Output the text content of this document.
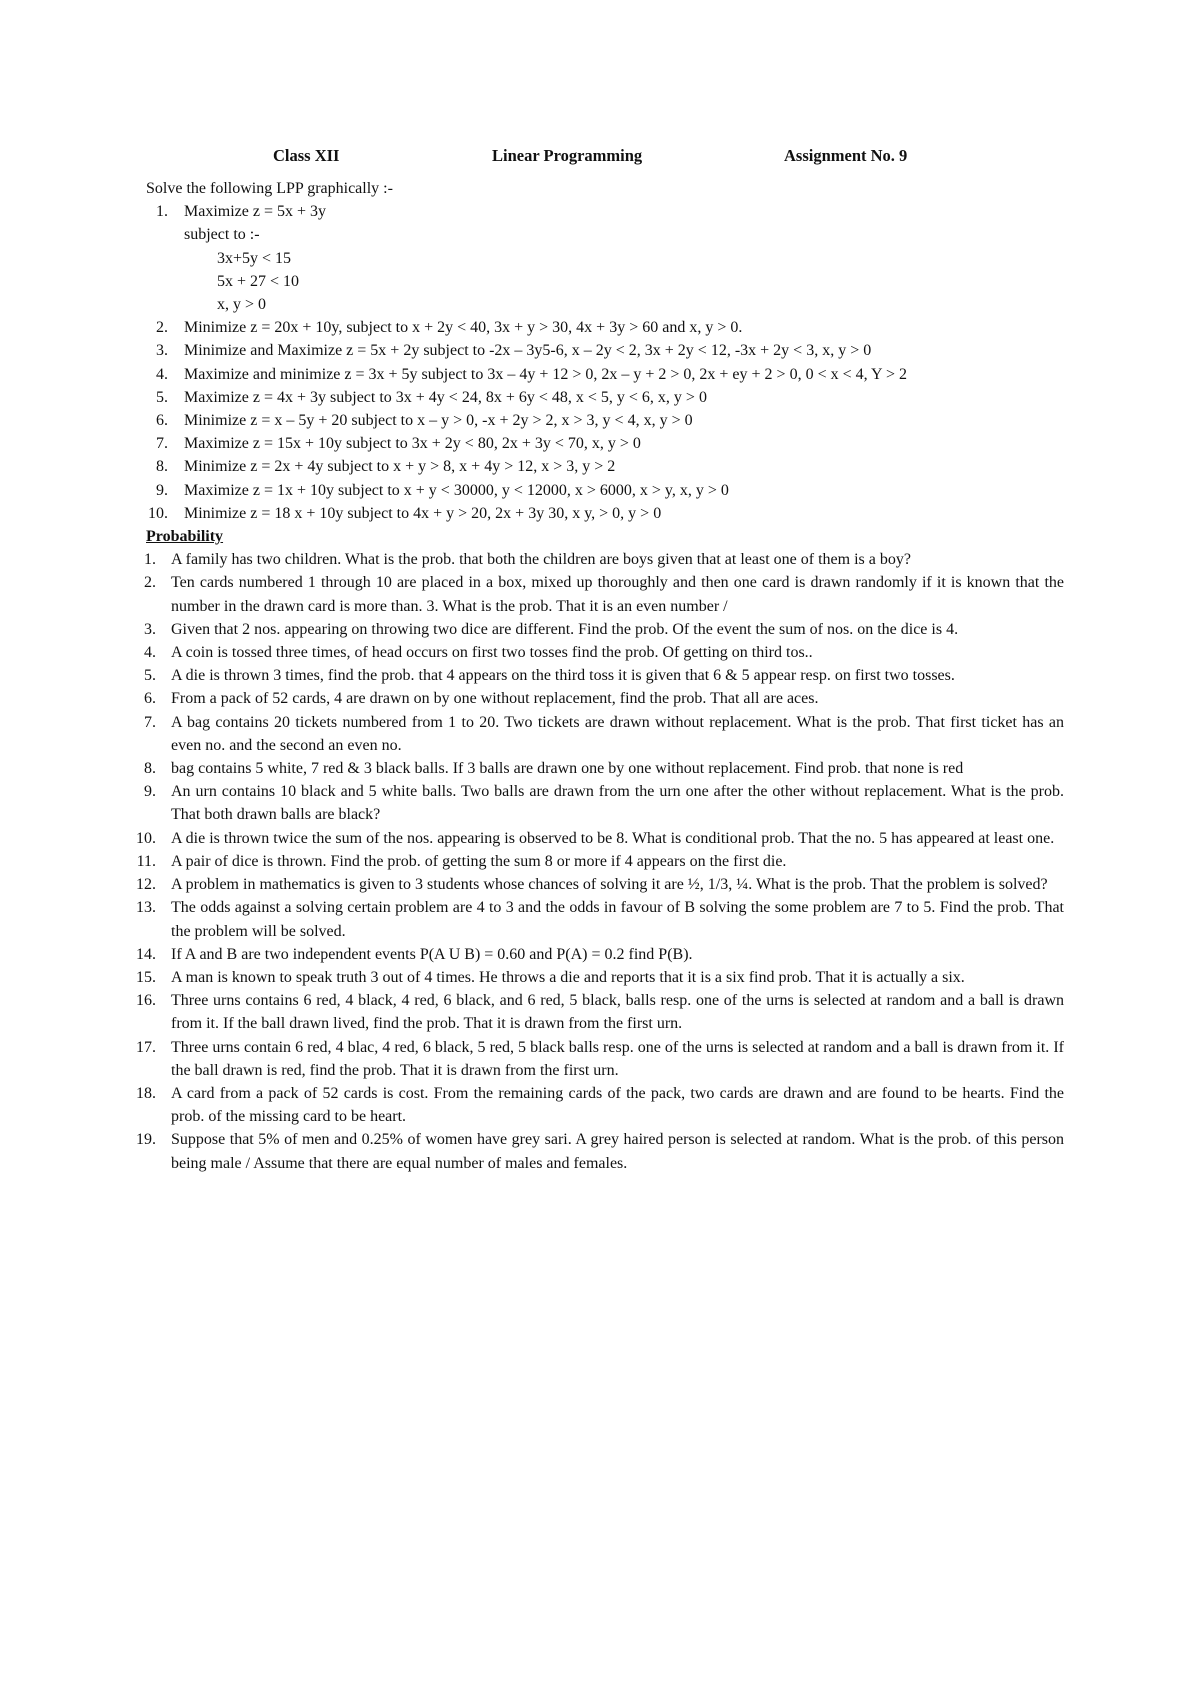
Class XII	Linear Programming	Assignment No. 9
Solve the following LPP graphically :-
1. Maximize z = 5x + 3y
subject to :-
3x+5y < 15
5x + 27 < 10
x, y > 0
2. Minimize z = 20x + 10y, subject to x + 2y < 40, 3x + y > 30, 4x + 3y > 60 and x, y > 0.
3. Minimize and Maximize z = 5x + 2y subject to -2x – 3y5-6, x – 2y < 2, 3x + 2y < 12, -3x + 2y < 3, x, y > 0
4. Maximize and minimize z = 3x + 5y subject to 3x – 4y + 12 > 0, 2x – y + 2 > 0, 2x + ey + 2 > 0, 0 < x < 4, Y > 2
5. Maximize z = 4x + 3y subject to 3x + 4y < 24, 8x + 6y < 48, x < 5, y < 6, x, y > 0
6. Minimize z = x – 5y + 20 subject to x – y > 0, -x + 2y > 2, x > 3, y < 4, x, y > 0
7. Maximize z = 15x + 10y subject to 3x + 2y < 80, 2x + 3y < 70, x, y > 0
8. Minimize z = 2x + 4y subject to x + y > 8, x + 4y > 12, x > 3, y > 2
9. Maximize z = 1x + 10y subject to x + y < 30000, y < 12000, x > 6000, x > y, x, y > 0
10. Minimize z = 18 x + 10y subject to 4x + y > 20, 2x + 3y 30, x y, > 0, y > 0
Probability
1. A family has two children. What is the prob. that both the children are boys given that at least one of them is a boy?
2. Ten cards numbered 1 through 10 are placed in a box, mixed up thoroughly and then one card is drawn randomly if it is known that the number in the drawn card is more than. 3. What is the prob. That it is an even number /
3. Given that 2 nos. appearing on throwing two dice are different. Find the prob. Of the event the sum of nos. on the dice is 4.
4. A coin is tossed three times, of head occurs on first two tosses find the prob. Of getting on third tos..
5. A die is thrown 3 times, find the prob. that 4 appears on the third toss it is given that 6 & 5 appear resp. on first two tosses.
6. From a pack of 52 cards, 4 are drawn on by one without replacement, find the prob. That all are aces.
7. A bag contains 20 tickets numbered from 1 to 20. Two tickets are drawn without replacement. What is the prob. That first ticket has an even no. and the second an even no.
8. bag contains 5 white, 7 red & 3 black balls. If 3 balls are drawn one by one without replacement. Find prob. that none is red
9. An urn contains 10 black and 5 white balls. Two balls are drawn from the urn one after the other without replacement. What is the prob. That both drawn balls are black?
10. A die is thrown twice the sum of the nos. appearing is observed to be 8. What is conditional prob. That the no. 5 has appeared at least one.
11. A pair of dice is thrown. Find the prob. of getting the sum 8 or more if 4 appears on the first die.
12. A problem in mathematics is given to 3 students whose chances of solving it are ½, 1/3, ¼. What is the prob. That the problem is solved?
13. The odds against a solving certain problem are 4 to 3 and the odds in favour of B solving the some problem are 7 to 5. Find the prob. That the problem will be solved.
14. If A and B are two independent events P(A U B) = 0.60 and P(A) = 0.2 find P(B).
15. A man is known to speak truth 3 out of 4 times. He throws a die and reports that it is a six find prob. That it is actually a six.
16. Three urns contains 6 red, 4 black, 4 red, 6 black, and 6 red, 5 black, balls resp. one of the urns is selected at random and a ball is drawn from it. If the ball drawn lived, find the prob. That it is drawn from the first urn.
17. Three urns contain 6 red, 4 blac, 4 red, 6 black, 5 red, 5 black balls resp. one of the urns is selected at random and a ball is drawn from it. If the ball drawn is red, find the prob. That it is drawn from the first urn.
18. A card from a pack of 52 cards is cost. From the remaining cards of the pack, two cards are drawn and are found to be hearts. Find the prob. of the missing card to be heart.
19. Suppose that 5% of men and 0.25% of women have grey sari. A grey haired person is selected at random. What is the prob. of this person being male / Assume that there are equal number of males and females.
